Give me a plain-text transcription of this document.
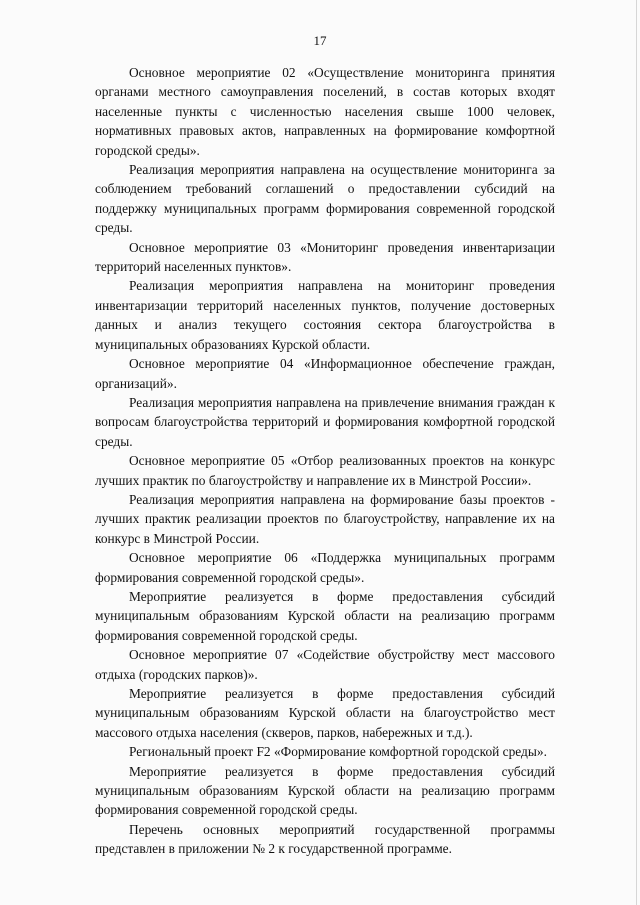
17

Основное мероприятие 02 «Осуществление мониторинга принятия органами местного самоуправления поселений, в состав которых входят населенные пункты с численностью населения свыше 1000 человек, нормативных правовых актов, направленных на формирование комфортной городской среды».

Реализация мероприятия направлена на осуществление мониторинга за соблюдением требований соглашений о предоставлении субсидий на поддержку муниципальных программ формирования современной городской среды.

Основное мероприятие 03 «Мониторинг проведения инвентаризации территорий населенных пунктов».

Реализация мероприятия направлена на мониторинг проведения инвентаризации территорий населенных пунктов, получение достоверных данных и анализ текущего состояния сектора благоустройства в муниципальных образованиях Курской области.

Основное мероприятие 04 «Информационное обеспечение граждан, организаций».

Реализация мероприятия направлена на привлечение внимания граждан к вопросам благоустройства территорий и формирования комфортной городской среды.

Основное мероприятие 05 «Отбор реализованных проектов на конкурс лучших практик по благоустройству и направление их в Минстрой России».

Реализация мероприятия направлена на формирование базы проектов - лучших практик реализации проектов по благоустройству, направление их на конкурс в Минстрой России.

Основное мероприятие 06 «Поддержка муниципальных программ формирования современной городской среды».

Мероприятие реализуется в форме предоставления субсидий муниципальным образованиям Курской области на реализацию программ формирования современной городской среды.

Основное мероприятие 07 «Содействие обустройству мест массового отдыха (городских парков)».

Мероприятие реализуется в форме предоставления субсидий муниципальным образованиям Курской области на благоустройство мест массового отдыха населения (скверов, парков, набережных и т.д.).

Региональный проект F2 «Формирование комфортной городской среды».

Мероприятие реализуется в форме предоставления субсидий муниципальным образованиям Курской области на реализацию программ формирования современной городской среды.

Перечень основных мероприятий государственной программы представлен в приложении № 2 к государственной программе.
